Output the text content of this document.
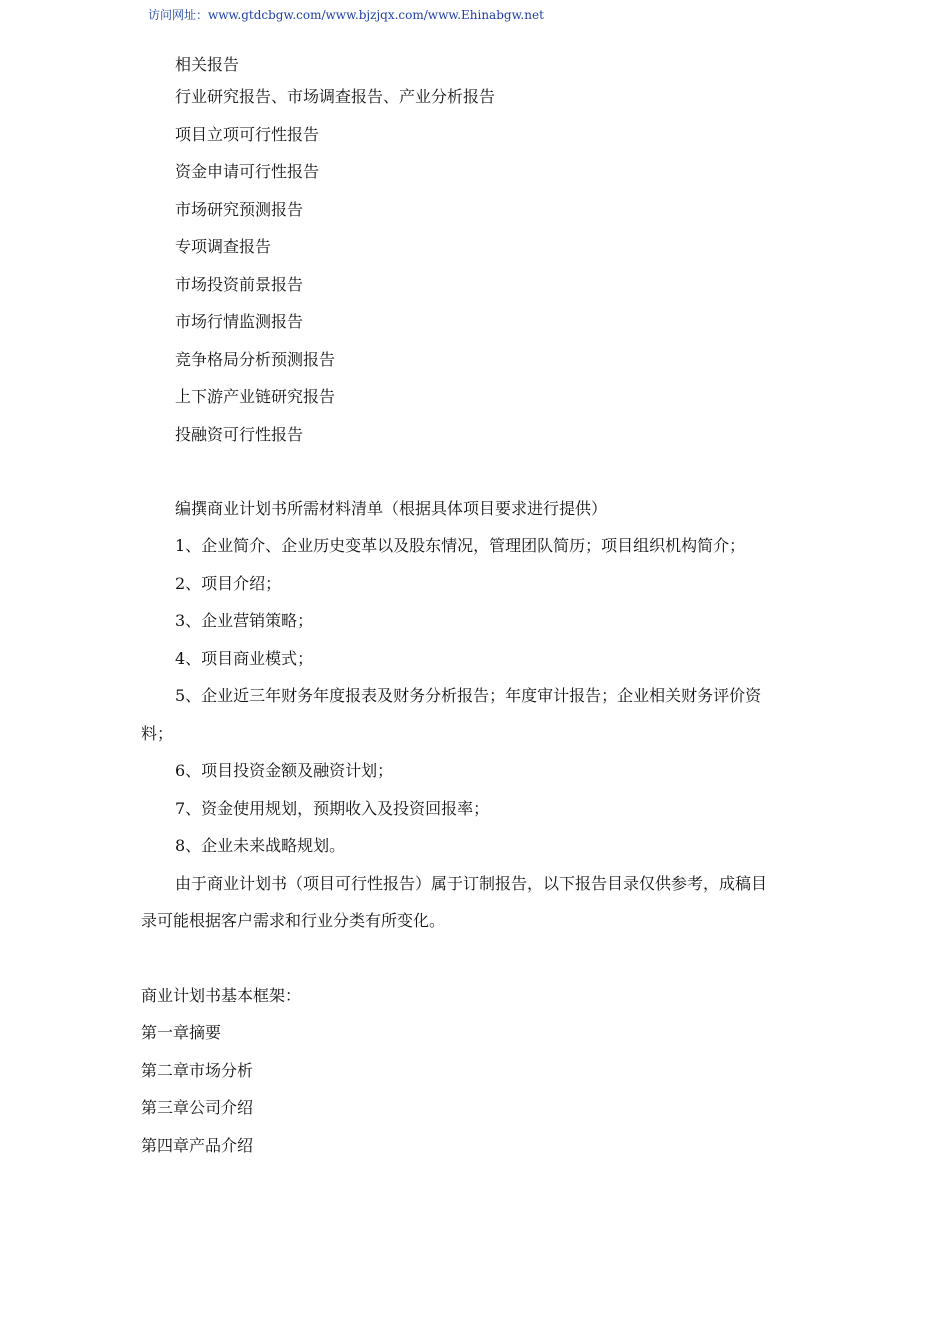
访问网址：www.gtdcbgw.com/www.bjzjqx.com/www.Ehinabgw.net
相关报告
行业研究报告、市场调查报告、产业分析报告
项目立项可行性报告
资金申请可行性报告
市场研究预测报告
专项调查报告
市场投资前景报告
市场行情监测报告
竞争格局分析预测报告
上下游产业链研究报告
投融资可行性报告
编撰商业计划书所需材料清单（根据具体项目要求进行提供）
1、企业简介、企业历史变革以及股东情况，管理团队简历；项目组织机构简介；
2、项目介绍；
3、企业营销策略；
4、项目商业模式；
5、企业近三年财务年度报表及财务分析报告；年度审计报告；企业相关财务评价资
料；
6、项目投资金额及融资计划；
7、资金使用规划，预期收入及投资回报率；
8、企业未来战略规划。
由于商业计划书（项目可行性报告）属于订制报告，以下报告目录仅供参考，成稿目
录可能根据客户需求和行业分类有所变化。
商业计划书基本框架：
第一章摘要
第二章市场分析
第三章公司介绍
第四章产品介绍
